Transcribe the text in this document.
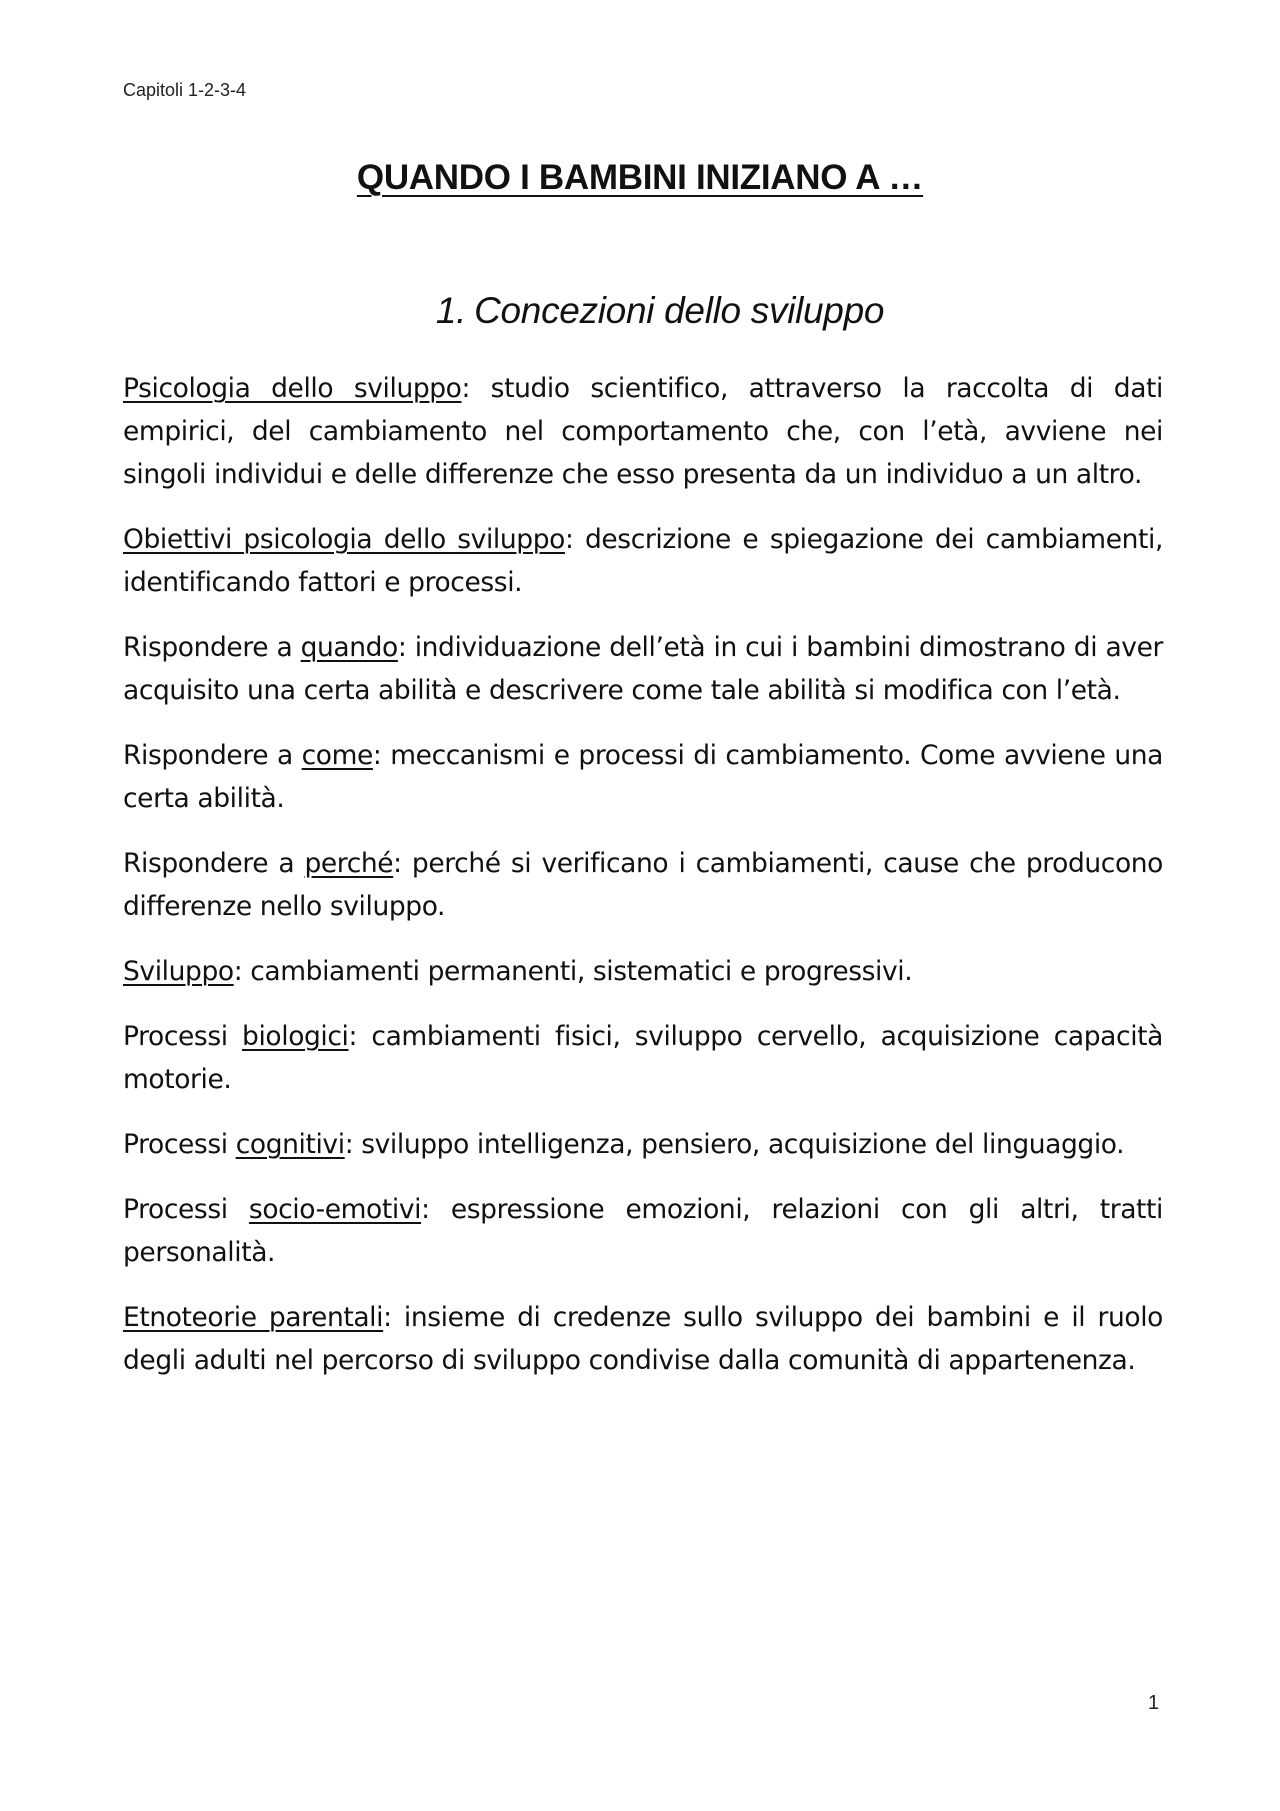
Capitoli 1-2-3-4
QUANDO I BAMBINI INIZIANO A …
1. Concezioni dello sviluppo

Psicologia dello sviluppo: studio scientifico, attraverso la raccolta di dati empirici, del cambiamento nel comportamento che, con l’età, avviene nei singoli individui e delle differenze che esso presenta da un individuo a un altro.

Obiettivi psicologia dello sviluppo: descrizione e spiegazione dei cambiamenti, identificando fattori e processi.

Rispondere a quando: individuazione dell’età in cui i bambini dimostrano di aver acquisito una certa abilità e descrivere come tale abilità si modifica con l’età.

Rispondere a come: meccanismi e processi di cambiamento. Come avviene una certa abilità.

Rispondere a perché: perché si verificano i cambiamenti, cause che producono differenze nello sviluppo.

Sviluppo: cambiamenti permanenti, sistematici e progressivi.

Processi biologici: cambiamenti fisici, sviluppo cervello, acquisizione capacità motorie.

Processi cognitivi: sviluppo intelligenza, pensiero, acquisizione del linguaggio.

Processi socio-emotivi: espressione emozioni, relazioni con gli altri, tratti personalità.

Etnoteorie parentali: insieme di credenze sullo sviluppo dei bambini e il ruolo degli adulti nel percorso di sviluppo condivise dalla comunità di appartenenza.

1
